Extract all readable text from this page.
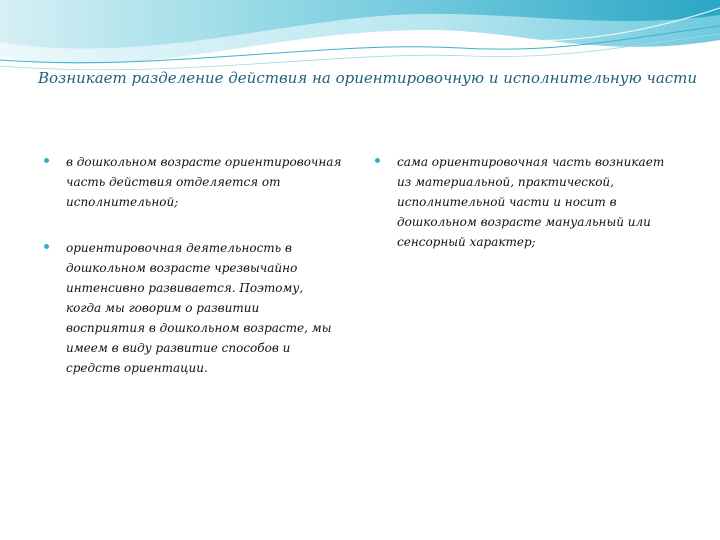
Возникает разделение действия на ориентировочную и исполнительную части
в дошкольном возрасте ориентировочная часть действия отделяется от исполнительной;
ориентировочная деятельность в дошкольном возрасте чрезвычайно интенсивно развивается. Поэтому, когда мы говорим о развитии восприятия в дошкольном возрасте, мы имеем в виду развитие способов и средств ориентации.
сама ориентировочная часть возникает из материальной, практической, исполнительной части и носит в дошкольном возрасте мануальный или сенсорный характер;
